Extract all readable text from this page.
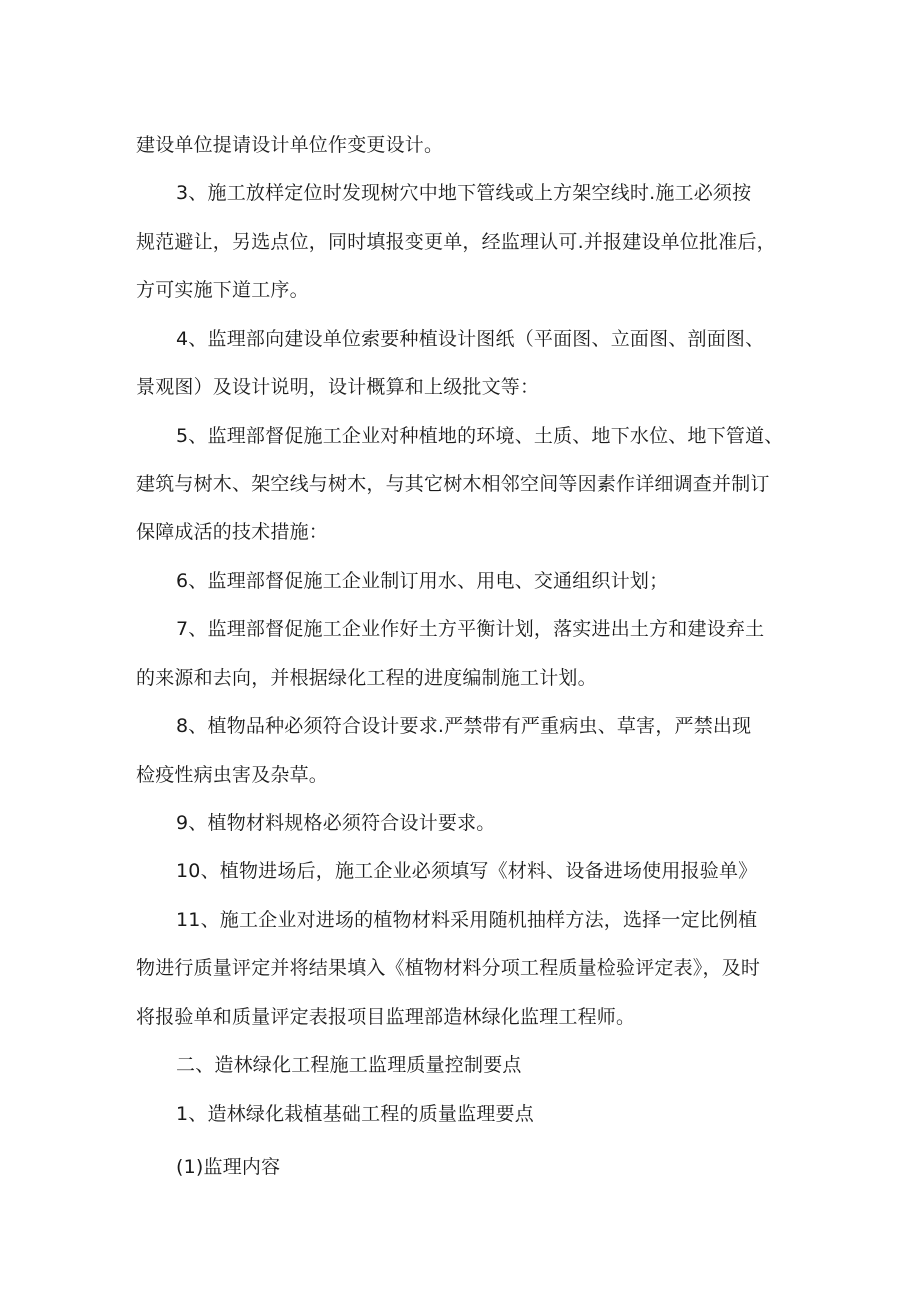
建设单位提请设计单位作变更设计。
3、施工放样定位时发现树穴中地下管线或上方架空线时.施工必须按
规范避让，另选点位，同时填报变更单，经监理认可.并报建设单位批准后，
方可实施下道工序。
4、监理部向建设单位索要种植设计图纸（平面图、立面图、剖面图、
景观图）及设计说明，设计概算和上级批文等：
5、监理部督促施工企业对种植地的环境、土质、地下水位、地下管道、
建筑与树木、架空线与树木，与其它树木相邻空间等因素作详细调查并制订
保障成活的技术措施：
6、监理部督促施工企业制订用水、用电、交通组织计划；
7、监理部督促施工企业作好土方平衡计划，落实进出土方和建设弃土
的来源和去向，并根据绿化工程的进度编制施工计划。
8、植物品种必须符合设计要求.严禁带有严重病虫、草害，严禁出现
检疫性病虫害及杂草。
9、植物材料规格必须符合设计要求。
10、植物进场后，施工企业必须填写《材料、设备进场使用报验单》
11、施工企业对进场的植物材料采用随机抽样方法，选择一定比例植
物进行质量评定并将结果填入《植物材料分项工程质量检验评定表》，及时
将报验单和质量评定表报项目监理部造林绿化监理工程师。
二、造林绿化工程施工监理质量控制要点
1、造林绿化栽植基础工程的质量监理要点
(1)监理内容
